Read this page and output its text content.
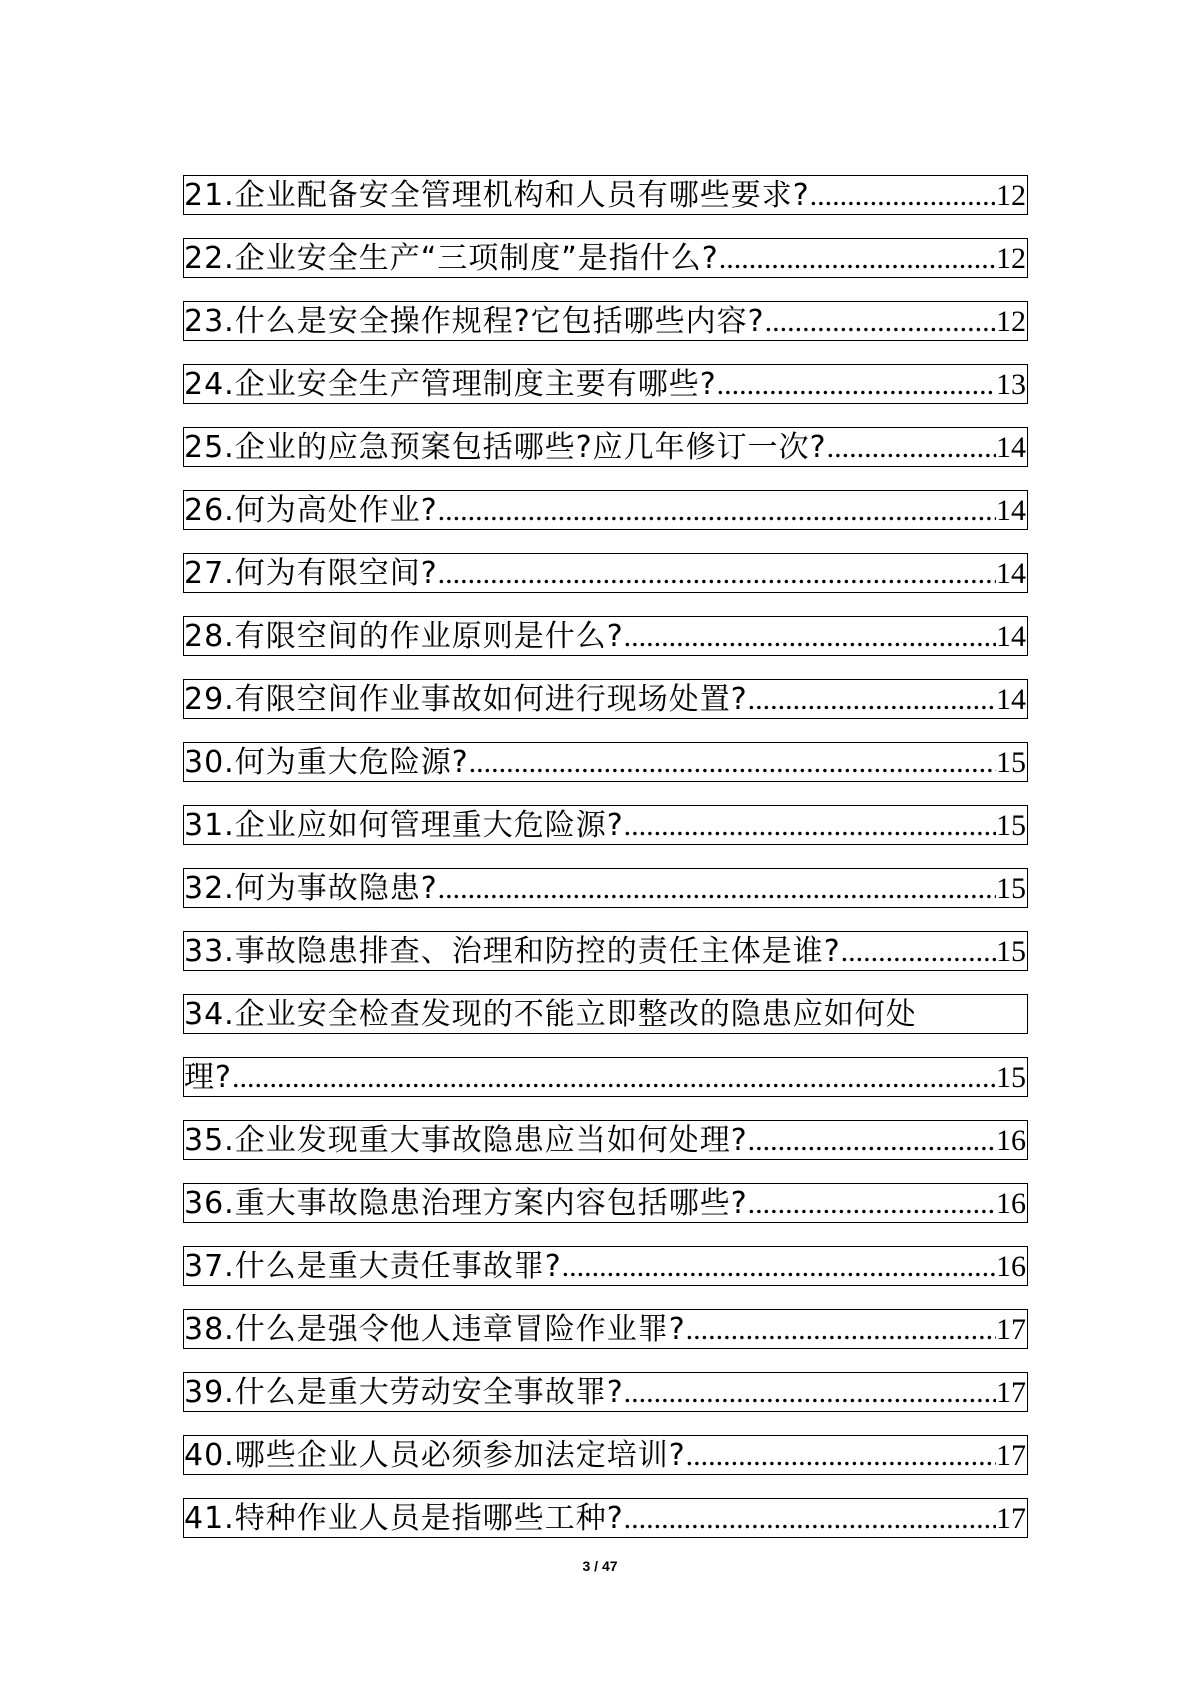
21.企业配备安全管理机构和人员有哪些要求? .....	12
22.企业安全生产“三项制度”是指什么? .....	12
23.什么是安全操作规程?它包括哪些内容? .....	12
24.企业安全生产管理制度主要有哪些? .....	13
25.企业的应急预案包括哪些?应几年修订一次? .....	14
26.何为高处作业? .....	14
27.何为有限空间? .....	14
28.有限空间的作业原则是什么? .....	14
29.有限空间作业事故如何进行现场处置? .....	14
30.何为重大危险源? .....	15
31.企业应如何管理重大危险源? .....	15
32.何为事故隐患? .....	15
33.事故隐患排查、治理和防控的责任主体是谁? .....	15
34.企业安全检查发现的不能立即整改的隐患应如何处
理? .....	15
35.企业发现重大事故隐患应当如何处理? .....	16
36.重大事故隐患治理方案内容包括哪些? .....	16
37.什么是重大责任事故罪? .....	16
38.什么是强令他人违章冒险作业罪? .....	17
39.什么是重大劳动安全事故罪? .....	17
40.哪些企业人员必须参加法定培训? .....	17
41.特种作业人员是指哪些工种? .....	17
3 / 47
